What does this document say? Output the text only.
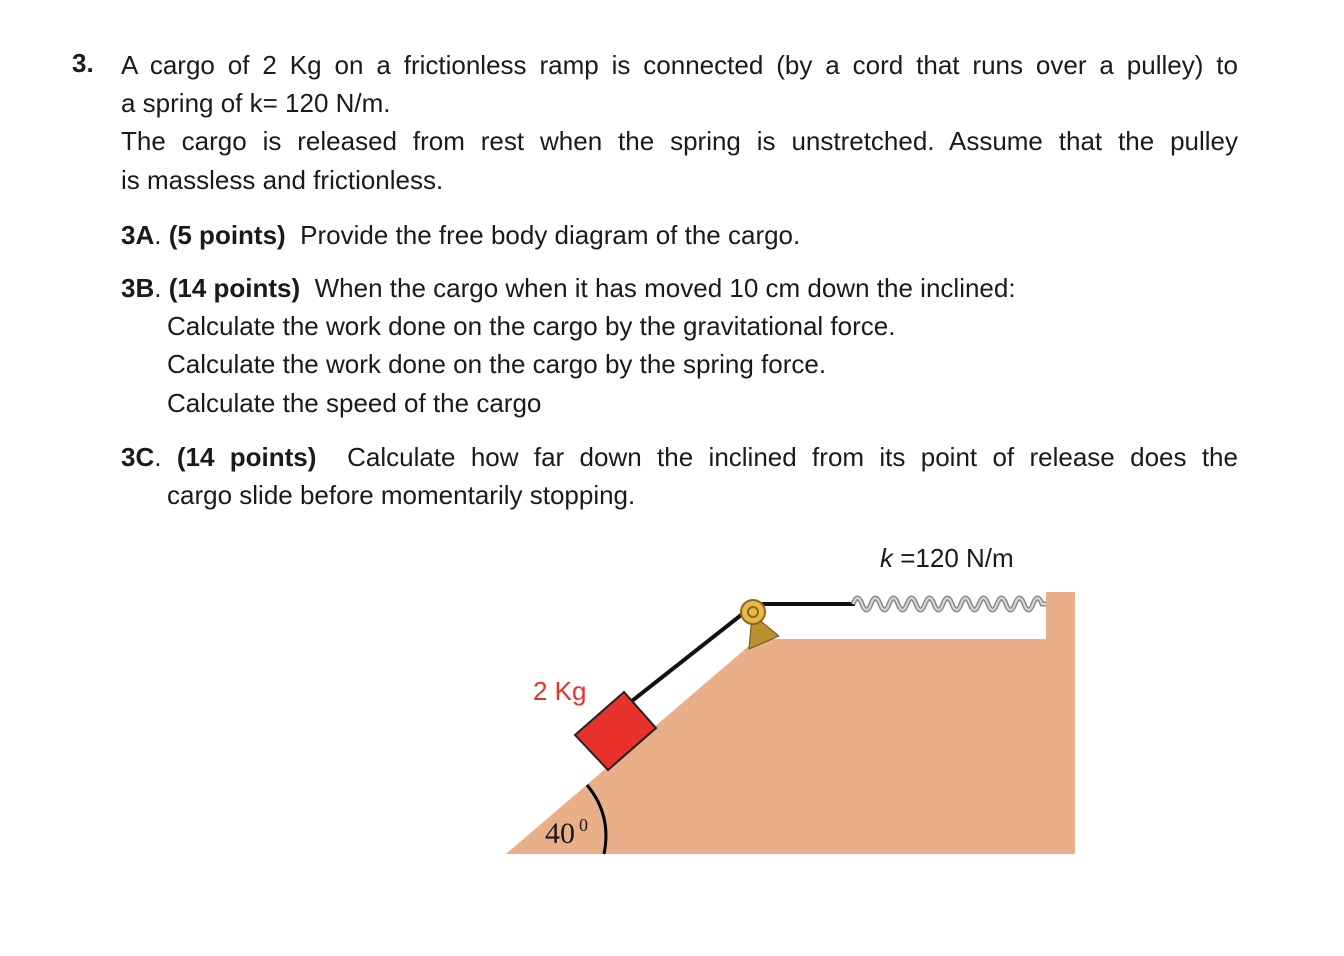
3. A cargo of 2 Kg on a frictionless ramp is connected (by a cord that runs over a pulley) to
a spring of k= 120 N/m.
The cargo is released from rest when the spring is unstretched. Assume that the pulley
is massless and frictionless.
3A. (5 points) Provide the free body diagram of the cargo.
3B. (14 points) When the cargo when it has moved 10 cm down the inclined:
Calculate the work done on the cargo by the gravitational force.
Calculate the work done on the cargo by the spring force.
Calculate the speed of the cargo
3C. (14 points) Calculate how far down the inclined from its point of release does the
cargo slide before momentarily stopping.
k =120 N/m
2 Kg
40 $^0$
